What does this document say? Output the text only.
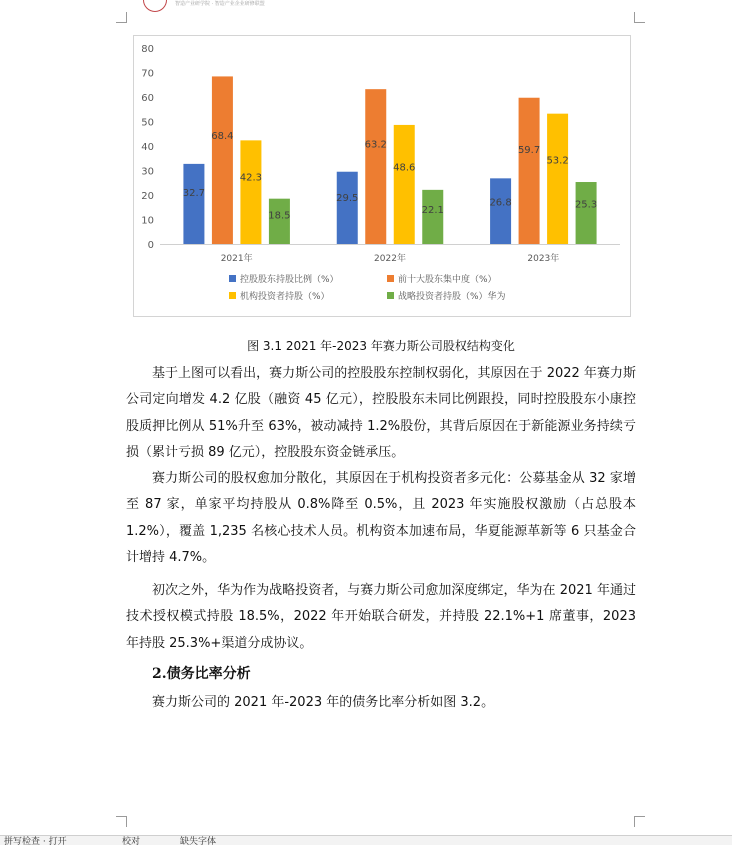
智造产业研学院 · 智造产业企业研修联盟
0
10
20
30
40
50
60
70
80
32.7
68.4
42.3
18.5
2021年
29.5
63.2
48.6
22.1
2022年
26.8
59.7
53.2
25.3
2023年
控股股东持股比例（%）	前十大股东集中度（%）
机构投资者持股（%）	战略投资者持股（%）华为
图 3.1 2021 年-2023 年赛力斯公司股权结构变化

基于上图可以看出，赛力斯公司的控股股东控制权弱化，其原因在于 2022 年赛力斯公司定向增发 4.2 亿股（融资 45 亿元），控股股东未同比例跟投，同时控股股东小康控股质押比例从 51%升至 63%，被动减持 1.2%股份，其背后原因在于新能源业务持续亏损（累计亏损 89 亿元），控股股东资金链承压。

赛力斯公司的股权愈加分散化，其原因在于机构投资者多元化：公募基金从 32 家增至 87 家，单家平均持股从 0.8%降至 0.5%，且 2023 年实施股权激励（占总股本 1.2%），覆盖 1,235 名核心技术人员。机构资本加速布局，华夏能源革新等 6 只基金合计增持 4.7%。

初次之外，华为作为战略投资者，与赛力斯公司愈加深度绑定，华为在 2021 年通过技术授权模式持股 18.5%，2022 年开始联合研发，并持股 22.1%+1 席董事，2023 年持股 25.3%+渠道分成协议。

2.债务比率分析

赛力斯公司的 2021 年-2023 年的债务比率分析如图 3.2。

拼写检查 · 打开	校对	缺失字体
